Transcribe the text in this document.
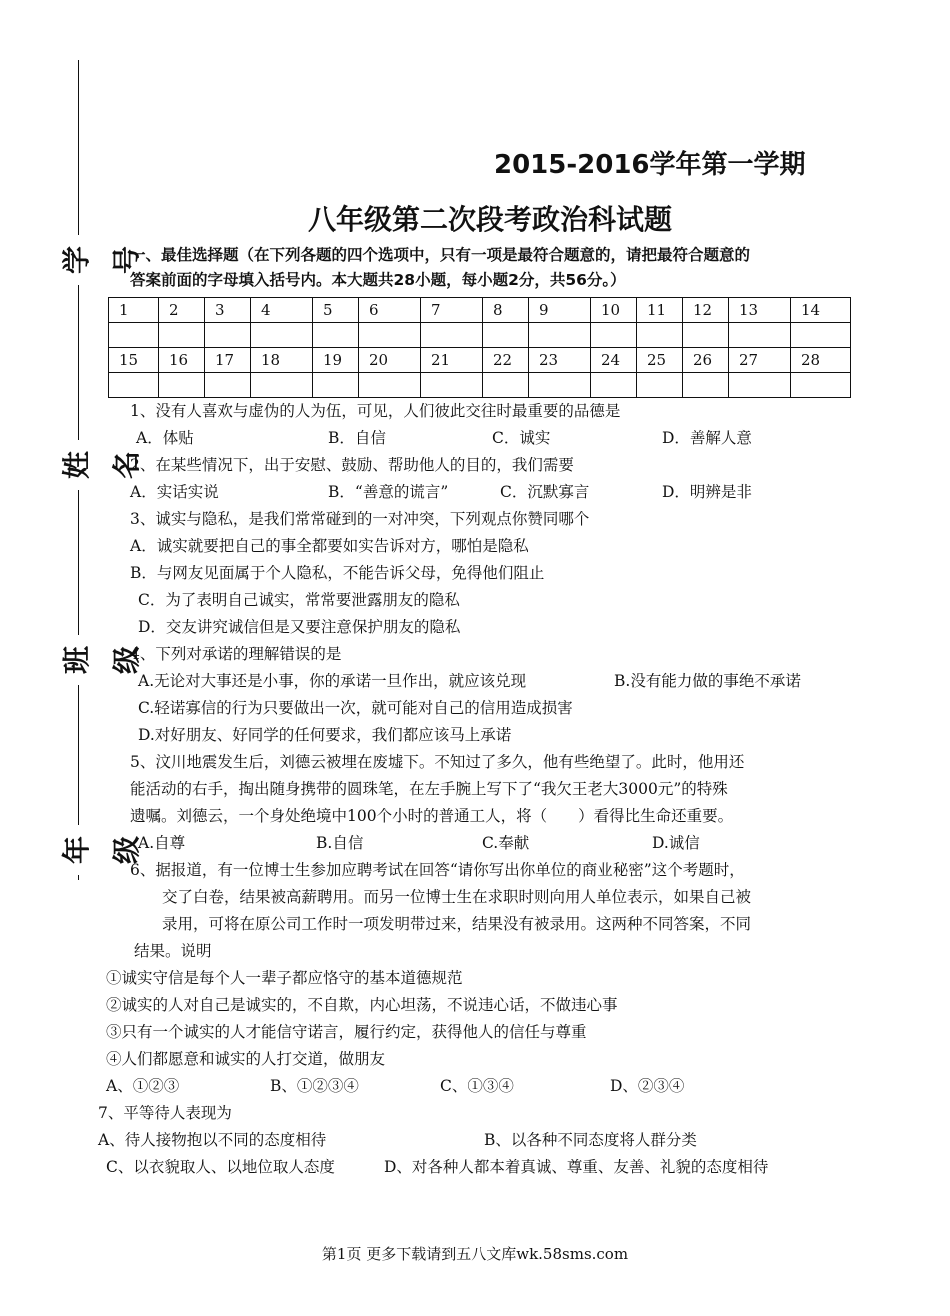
学号
姓名
班级
年级
2015-2016学年第一学期
八年级第二次段考政治科试题
一、最佳选择题（在下列各题的四个选项中，只有一项是最符合题意的，请把最符合题意的
答案前面的字母填入括号内。本大题共28小题，每小题2分，共56分。）
1	2	3	4	5	6	7	8	9	10	11	12	13	14

15	16	17	18	19	20	21	22	23	24	25	26	27	28

1、没有人喜欢与虚伪的人为伍，可见，人们彼此交往时最重要的品德是
A．体贴	B．自信	C．诚实	D．善解人意
2、在某些情况下，出于安慰、鼓励、帮助他人的目的，我们需要
A．实话实说	B．“善意的谎言”	C．沉默寡言	D．明辨是非
3、诚实与隐私，是我们常常碰到的一对冲突，下列观点你赞同哪个
A．诚实就要把自己的事全都要如实告诉对方，哪怕是隐私
B．与网友见面属于个人隐私，不能告诉父母，免得他们阻止
C．为了表明自己诚实，常常要泄露朋友的隐私
D．交友讲究诚信但是又要注意保护朋友的隐私
4、下列对承诺的理解错误的是
A.无论对大事还是小事，你的承诺一旦作出，就应该兑现	B.没有能力做的事绝不承诺
C.轻诺寡信的行为只要做出一次，就可能对自己的信用造成损害
D.对好朋友、好同学的任何要求，我们都应该马上承诺
5、汶川地震发生后，刘德云被埋在废墟下。不知过了多久，他有些绝望了。此时，他用还
能活动的右手，掏出随身携带的圆珠笔，在左手腕上写下了“我欠王老大3000元”的特殊
遗嘱。刘德云，一个身处绝境中100个小时的普通工人，将（　　）看得比生命还重要。
A.自尊	B.自信	C.奉献	D.诚信
6、据报道，有一位博士生参加应聘考试在回答“请你写出你单位的商业秘密”这个考题时，
交了白卷，结果被高薪聘用。而另一位博士生在求职时则向用人单位表示，如果自己被
录用，可将在原公司工作时一项发明带过来，结果没有被录用。这两种不同答案，不同
结果。说明
①诚实守信是每个人一辈子都应恪守的基本道德规范
②诚实的人对自己是诚实的，不自欺，内心坦荡，不说违心话，不做违心事
③只有一个诚实的人才能信守诺言，履行约定，获得他人的信任与尊重
④人们都愿意和诚实的人打交道，做朋友
A、①②③	B、①②③④	C、①③④	D、②③④
7、平等待人表现为
A、待人接物抱以不同的态度相待	B、以各种不同态度将人群分类
C、以衣貌取人、以地位取人态度	D、对各种人都本着真诚、尊重、友善、礼貌的态度相待
第1页 更多下载请到五八文库wk.58sms.com
